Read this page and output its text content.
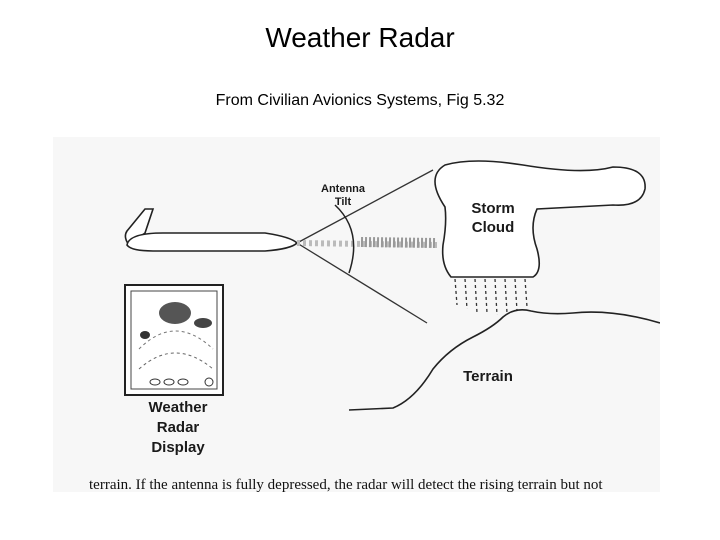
Weather Radar
From Civilian Avionics Systems, Fig 5.32
Antenna
Tilt	Storm
Cloud
Terrain
Weather
Radar
Display
terrain. If the antenna is fully depressed, the radar will detect the rising terrain but not
